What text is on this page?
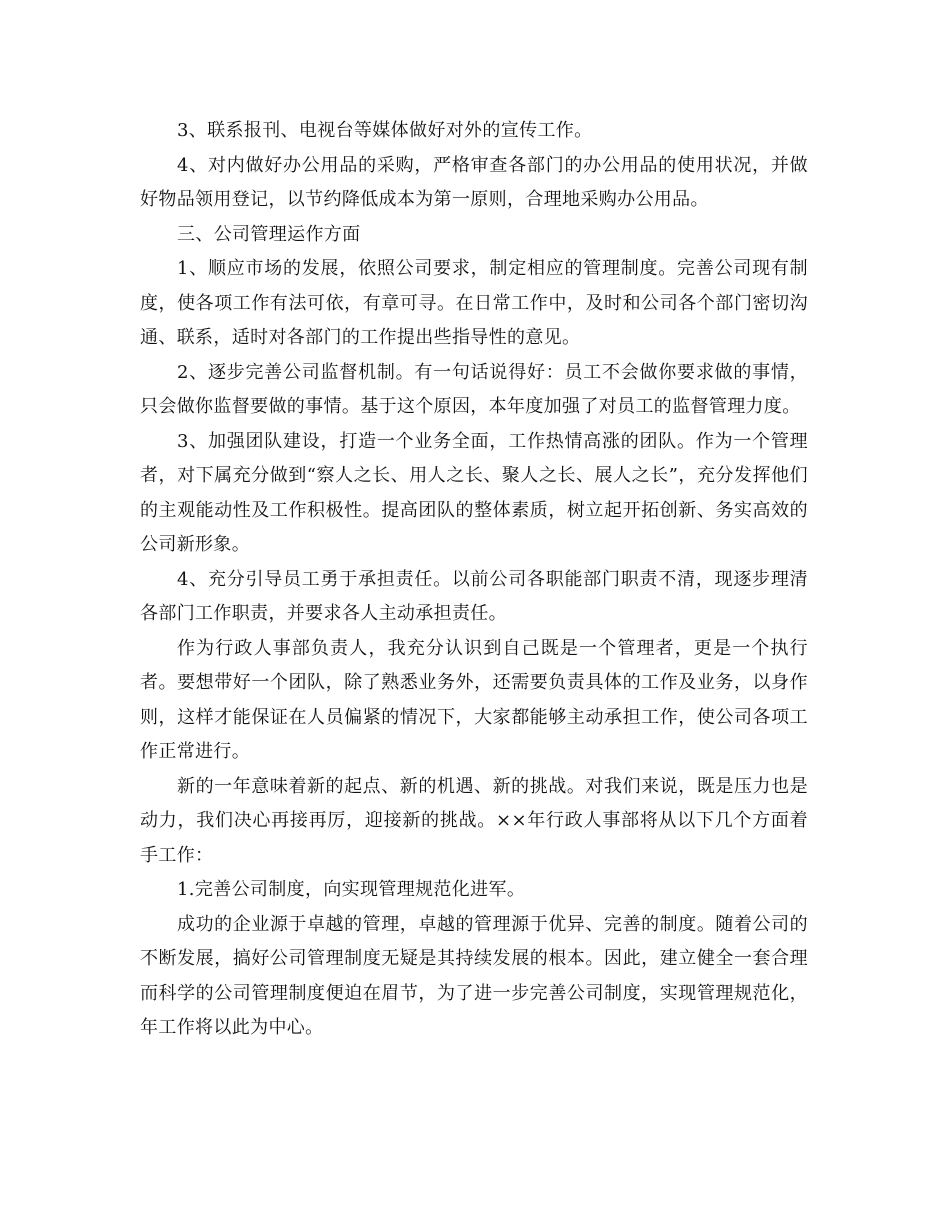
3、联系报刊、电视台等媒体做好对外的宣传工作。

4、对内做好办公用品的采购，严格审查各部门的办公用品的使用状况，并做好物品领用登记，以节约降低成本为第一原则，合理地采购办公用品。

三、公司管理运作方面

1、顺应市场的发展，依照公司要求，制定相应的管理制度。完善公司现有制度，使各项工作有法可依，有章可寻。在日常工作中，及时和公司各个部门密切沟通、联系，适时对各部门的工作提出些指导性的意见。

2、逐步完善公司监督机制。有一句话说得好：员工不会做你要求做的事情，只会做你监督要做的事情。基于这个原因，本年度加强了对员工的监督管理力度。

3、加强团队建设，打造一个业务全面，工作热情高涨的团队。作为一个管理者，对下属充分做到“察人之长、用人之长、聚人之长、展人之长”，充分发挥他们的主观能动性及工作积极性。提高团队的整体素质，树立起开拓创新、务实高效的公司新形象。

4、充分引导员工勇于承担责任。以前公司各职能部门职责不清，现逐步理清各部门工作职责，并要求各人主动承担责任。

作为行政人事部负责人，我充分认识到自己既是一个管理者，更是一个执行者。要想带好一个团队，除了熟悉业务外，还需要负责具体的工作及业务，以身作则，这样才能保证在人员偏紧的情况下，大家都能够主动承担工作，使公司各项工作正常进行。

新的一年意味着新的起点、新的机遇、新的挑战。对我们来说，既是压力也是动力，我们决心再接再厉，迎接新的挑战。××年行政人事部将从以下几个方面着手工作：

1.完善公司制度，向实现管理规范化进军。

成功的企业源于卓越的管理，卓越的管理源于优异、完善的制度。随着公司的不断发展，搞好公司管理制度无疑是其持续发展的根本。因此，建立健全一套合理而科学的公司管理制度便迫在眉节，为了进一步完善公司制度，实现管理规范化，年工作将以此为中心。
